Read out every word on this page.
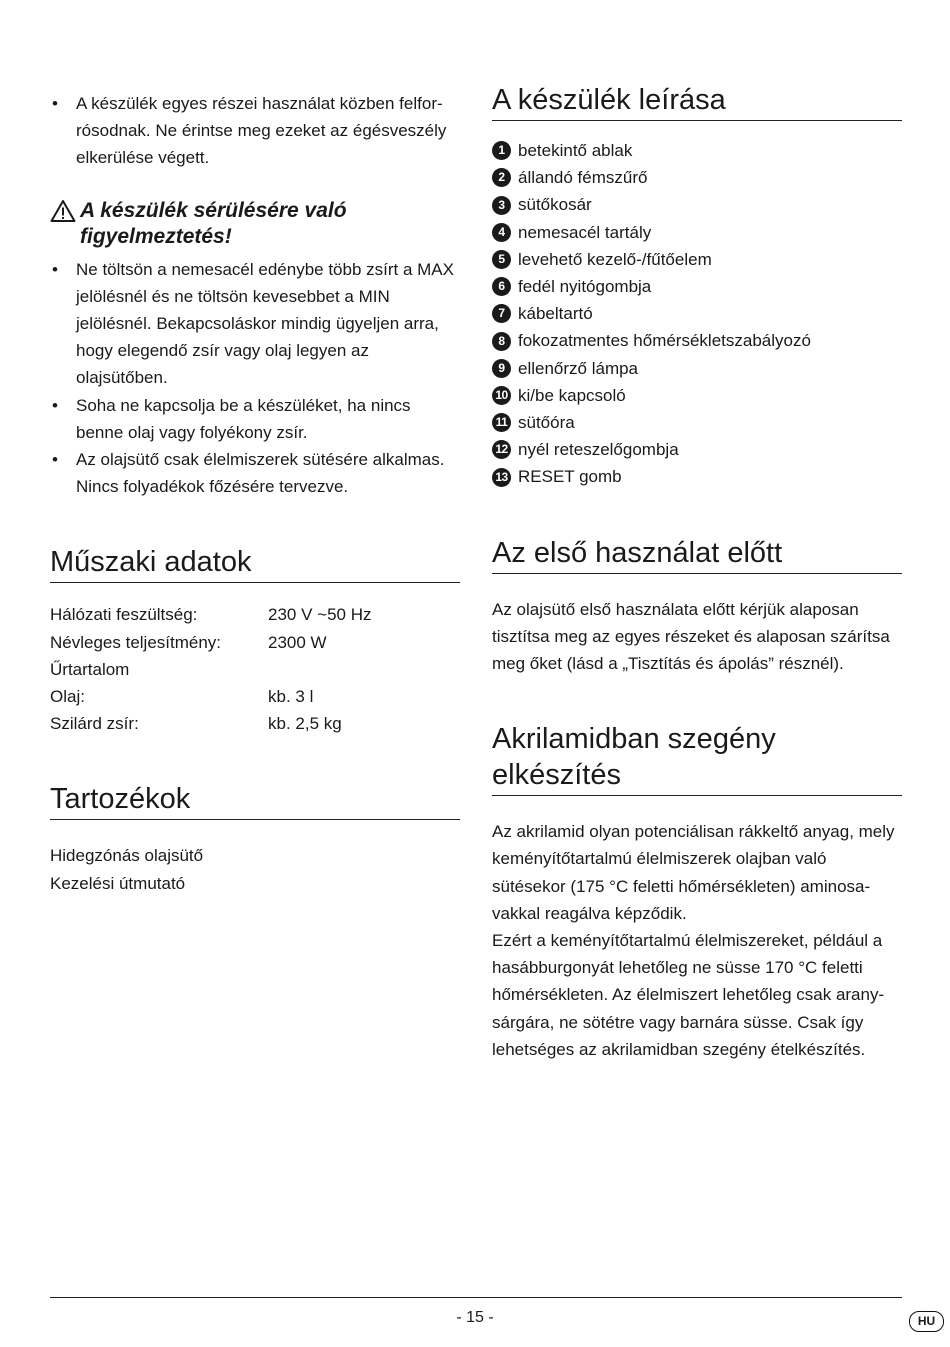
• A készülék egyes részei használat közben felfor-rósodnak. Ne érintse meg ezeket az égésveszély elkerülése végett.
A készülék sérülésére való figyelmeztetés!
• Ne töltsön a nemesacél edénybe több zsírt a MAX jelölésnél és ne töltsön kevesebbet a MIN jelölésnél. Bekapcsoláskor mindig ügyeljen arra, hogy elegendő zsír vagy olaj legyen az olajsütőben.
• Soha ne kapcsolja be a készüléket, ha nincs benne olaj vagy folyékony zsír.
• Az olajsütő csak élelmiszerek sütésére alkalmas. Nincs folyadékok főzésére tervezve.
Műszaki adatok
Hálózati feszültség:	230 V ~50 Hz
Névleges teljesítmény:	2300 W
Űrtartalom
Olaj:	kb. 3 l
Szilárd zsír:	kb. 2,5 kg
Tartozékok
Hidegzónás olajsütő
Kezelési útmutató
A készülék leírása
1 betekintő ablak
2 állandó fémszűrő
3 sütőkosár
4 nemesacél tartály
5 levehető kezelő-/fűtőelem
6 fedél nyitógombja
7 kábeltartó
8 fokozatmentes hőmérsékletszabályozó
9 ellenőrző lámpa
10 ki/be kapcsoló
11 sütőóra
12 nyél reteszelőgombja
13 RESET gomb
Az első használat előtt

Az olajsütő első használata előtt kérjük alaposan tisztítsa meg az egyes részeket és alaposan szárítsa meg őket (lásd a „Tisztítás és ápolás” résznél).

Akrilamidban szegény elkészítés

Az akrilamid olyan potenciálisan rákkeltő anyag, mely keményítőtartalmú élelmiszerek olajban való sütésekor (175 °C feletti hőmérsékleten) aminosa-vakkal reagálva képződik.

Ezért a keményítőtartalmú élelmiszereket, például a hasábburgonyát lehetőleg ne süsse 170 °C feletti hőmérsékleten. Az élelmiszert lehetőleg csak arany-sárgára, ne sötétre vagy barnára süsse. Csak így lehetséges az akrilamidban szegény ételkészítés.

- 15 -	HU
